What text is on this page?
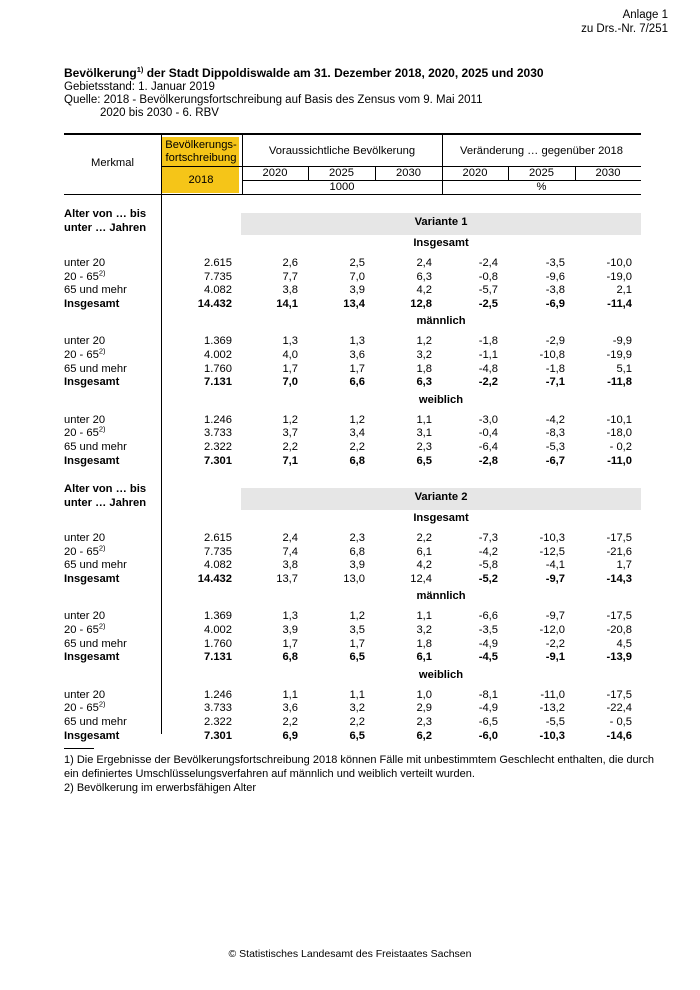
Anlage 1
zu Drs.-Nr. 7/251
Bevölkerung$^{1)}$ der Stadt Dippoldiswalde am 31. Dezember 2018, 2020, 2025 und 2030
Gebietsstand: 1. Januar 2019
Quelle: 2018 - Bevölkerungsfortschreibung auf Basis des Zensus vom 9. Mai 2011
2020 bis 2030 - 6. RBV
Merkmal
Bevölkerungs-
fortschreibung
2018
Voraussichtliche Bevölkerung	Veränderung … gegenüber 2018
2020	2025	2030	2020	2025	2030
1000	%
Alter von … bis
unter … Jahren	Variante 1
Insgesamt
unter 20	2.615	2,6	2,5	2,4	-2,4	-3,5	-10,0
20 - 65$^{2)}$	7.735	7,7	7,0	6,3	-0,8	-9,6	-19,0
65 und mehr	4.082	3,8	3,9	4,2	-5,7	-3,8	2,1
Insgesamt	14.432	14,1	13,4	12,8	-2,5	-6,9	-11,4
männlich
unter 20	1.369	1,3	1,3	1,2	-1,8	-2,9	-9,9
20 - 65$^{2)}$	4.002	4,0	3,6	3,2	-1,1	-10,8	-19,9
65 und mehr	1.760	1,7	1,7	1,8	-4,8	-1,8	5,1
Insgesamt	7.131	7,0	6,6	6,3	-2,2	-7,1	-11,8
weiblich
unter 20	1.246	1,2	1,2	1,1	-3,0	-4,2	-10,1
20 - 65$^{2)}$	3.733	3,7	3,4	3,1	-0,4	-8,3	-18,0
65 und mehr	2.322	2,2	2,2	2,3	-6,4	-5,3	- 0,2
Insgesamt	7.301	7,1	6,8	6,5	-2,8	-6,7	-11,0
Alter von … bis
unter … Jahren	Variante 2
Insgesamt
unter 20	2.615	2,4	2,3	2,2	-7,3	-10,3	-17,5
20 - 65$^{2)}$	7.735	7,4	6,8	6,1	-4,2	-12,5	-21,6
65 und mehr	4.082	3,8	3,9	4,2	-5,8	-4,1	1,7
Insgesamt	14.432	13,7	13,0	12,4	-5,2	-9,7	-14,3
männlich
unter 20	1.369	1,3	1,2	1,1	-6,6	-9,7	-17,5
20 - 65$^{2)}$	4.002	3,9	3,5	3,2	-3,5	-12,0	-20,8
65 und mehr	1.760	1,7	1,7	1,8	-4,9	-2,2	4,5
Insgesamt	7.131	6,8	6,5	6,1	-4,5	-9,1	-13,9
weiblich
unter 20	1.246	1,1	1,1	1,0	-8,1	-11,0	-17,5
20 - 65$^{2)}$	3.733	3,6	3,2	2,9	-4,9	-13,2	-22,4
65 und mehr	2.322	2,2	2,2	2,3	-6,5	-5,5	- 0,5
Insgesamt	7.301	6,9	6,5	6,2	-6,0	-10,3	-14,6
1) Die Ergebnisse der Bevölkerungsfortschreibung 2018 können Fälle mit unbestimmtem Geschlecht enthalten, die durch
ein definiertes Umschlüsselungsverfahren auf männlich und weiblich verteilt wurden.
2) Bevölkerung im erwerbsfähigen Alter
© Statistisches Landesamt des Freistaates Sachsen
